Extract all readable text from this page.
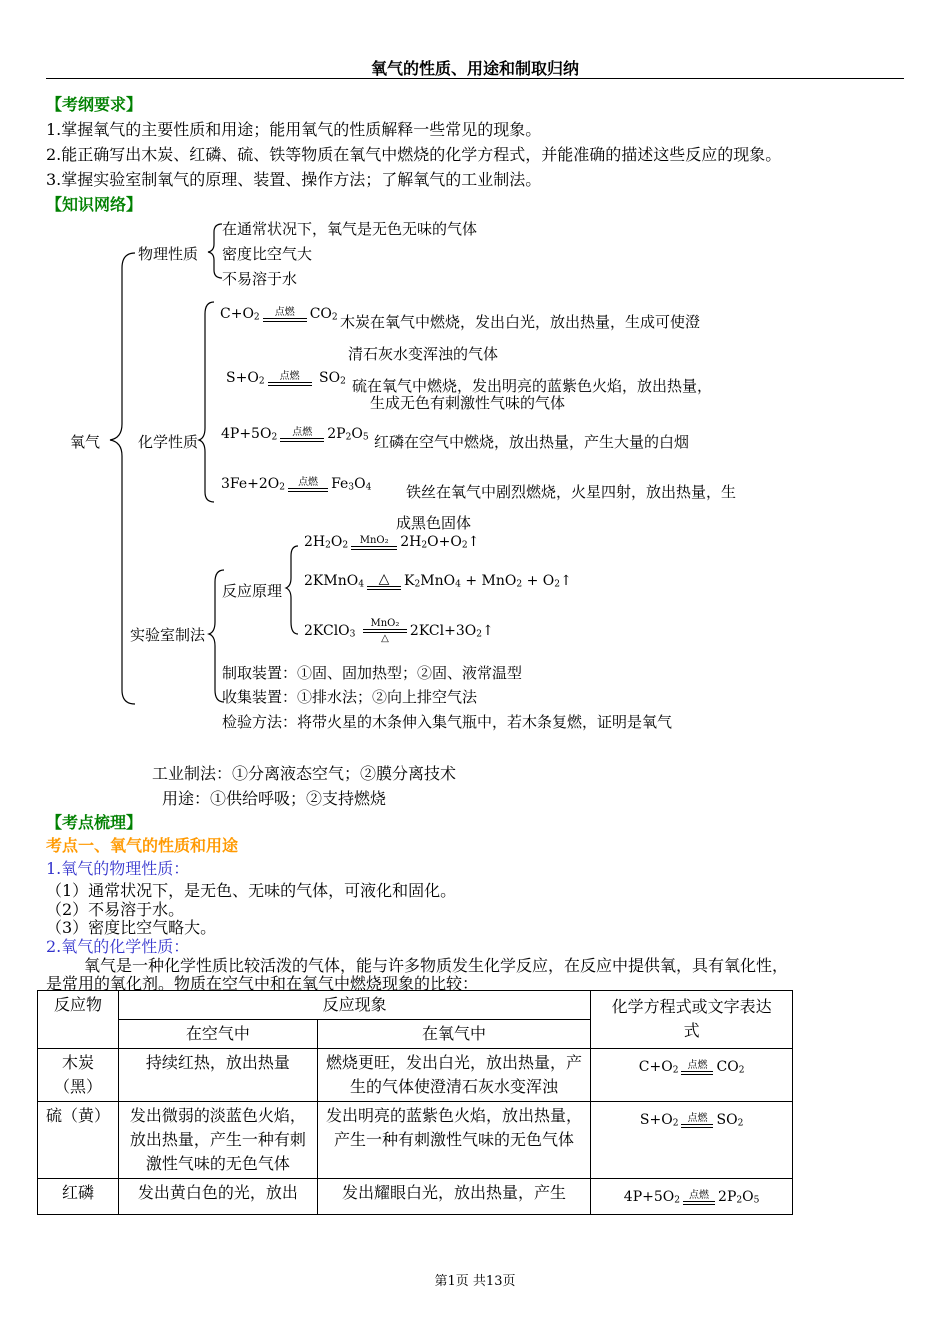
氧气的性质、用途和制取归纳
【考纲要求】
1.掌握氧气的主要性质和用途；能用氧气的性质解释一些常见的现象。
2.能正确写出木炭、红磷、硫、铁等物质在氧气中燃烧的化学方程式，并能准确的描述这些反应的现象。
3.掌握实验室制氧气的原理、装置、操作方法；了解氧气的工业制法。
【知识网络】
氧气
物理性质
在通常状况下，氧气是无色无味的气体
密度比空气大
不易溶于水
化学性质
$C+O_2$	点燃	$CO_2$ 木炭在氧气中燃烧，发出白光，放出热量，生成可使澄
清石灰水变浑浊的气体
$S+O_2$	点燃	$SO_2$ 硫在氧气中燃烧，发出明亮的蓝紫色火焰，放出热量，
生成无色有刺激性气味的气体
$4P+5O_2$	点燃	$2P_2O_5$ 红磷在空气中燃烧，放出热量，产生大量的白烟
$3Fe+2O_2$	点燃 $Fe_3O_4$ 铁丝在氧气中剧烈燃烧，火星四射，放出热量，生
成黑色固体
实验室制法
反应原理
$2H_2O_2$	MnO₂ $2H_2O+O_2↑$
2KMnO$_4$	△	$K_2MnO_4 + MnO_2$ + $O_2↑$
2KClO$_3$
MnO₂
△	$2KCl+3O_2↑$
制取装置：①固、固加热型；②固、液常温型
收集装置：①排水法；②向上排空气法
检验方法：将带火星的木条伸入集气瓶中，若木条复燃，证明是氧气
工业制法：①分离液态空气；②膜分离技术
用途：①供给呼吸；②支持燃烧
【考点梳理】
考点一、氧气的性质和用途
1.氧气的物理性质：
（1）通常状况下，是无色、无味的气体，可液化和固化。
（2）不易溶于水。
（3）密度比空气略大。
2.氧气的化学性质：
氧气是一种化学性质比较活泼的气体，能与许多物质发生化学反应，在反应中提供氧，具有氧化性，
是常用的氧化剂。物质在空气中和在氧气中燃烧现象的比较：
反应物	反应现象		化学方程式或文字表达式
	在空气中	在氧气中	
木炭（黑）	持续红热，放出热量	燃烧更旺，发出白光，放出热量，产生的气体使澄清石灰水变浑浊	$C+O_2$ 点燃 $CO_2$
硫（黄）	发出微弱的淡蓝色火焰，放出热量，产生一种有刺激性气味的无色气体	发出明亮的蓝紫色火焰，放出热量，产生一种有刺激性气味的无色气体	$S+O_2$ 点燃 $SO_2$
红磷	发出黄白色的光，放出	发出耀眼白光，放出热量，产生	$4P+5O_2$ 点燃 $2P_2O_5$
第1页 共13页
